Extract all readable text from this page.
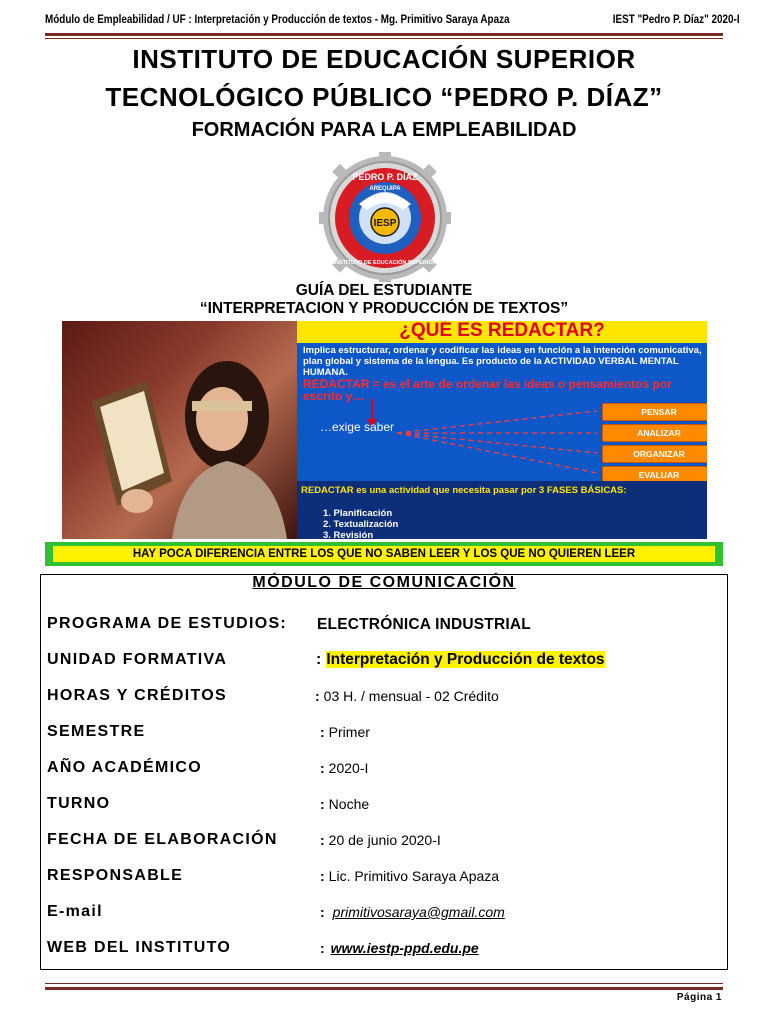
Módulo de Empleabilidad / UF : Interpretación y Producción de textos - Mg. Primitivo Saraya Apaza	IEST "Pedro P. Díaz" 2020-I
INSTITUTO DE EDUCACIÓN SUPERIOR
TECNOLÓGICO PÚBLICO “PEDRO P. DÍAZ”
FORMACIÓN PARA LA EMPLEABILIDAD
IESP
PEDRO P. DÍAZ
AREQUIPA
INSTITUTO DE EDUCACIÓN SUPERIOR
GUÍA DEL ESTUDIANTE
“INTERPRETACION Y PRODUCCIÓN DE TEXTOS”
¿QUÉ ES REDACTAR?
Implica estructurar, ordenar y codificar las ideas en función a la intención comunicativa, plan global y sistema de la lengua. Es producto de la ACTIVIDAD VERBAL MENTAL HUMANA.
REDACTAR = es el arte de ordenar las ideas o pensamientos por escrito y…
…exige saber
PENSAR
ANALIZAR
ORGANIZAR
EVALUAR
REDACTAR es una actividad que necesita pasar por 3 FASES BÁSICAS:
1. Planificación
2. Textualización
3. Revisión
HAY POCA DIFERENCIA ENTRE LOS QUE NO SABEN LEER Y LOS QUE NO QUIEREN LEER
MÓDULO DE COMUNICACIÓN
PROGRAMA DE ESTUDIOS: ELECTRÓNICA INDUSTRIAL
UNIDAD FORMATIVA	: Interpretación y Producción de textos
HORAS Y CRÉDITOS	: 03 H. / mensual - 02 Crédito
SEMESTRE	: Primer
AÑO ACADÉMICO	: 2020-I
TURNO	: Noche
FECHA DE ELABORACIÓN	: 20 de junio 2020-I
RESPONSABLE	: Lic. Primitivo Saraya Apaza
E-mail	: primitivosaraya@gmail.com
WEB DEL INSTITUTO	: www.iestp-ppd.edu.pe
Página 1
